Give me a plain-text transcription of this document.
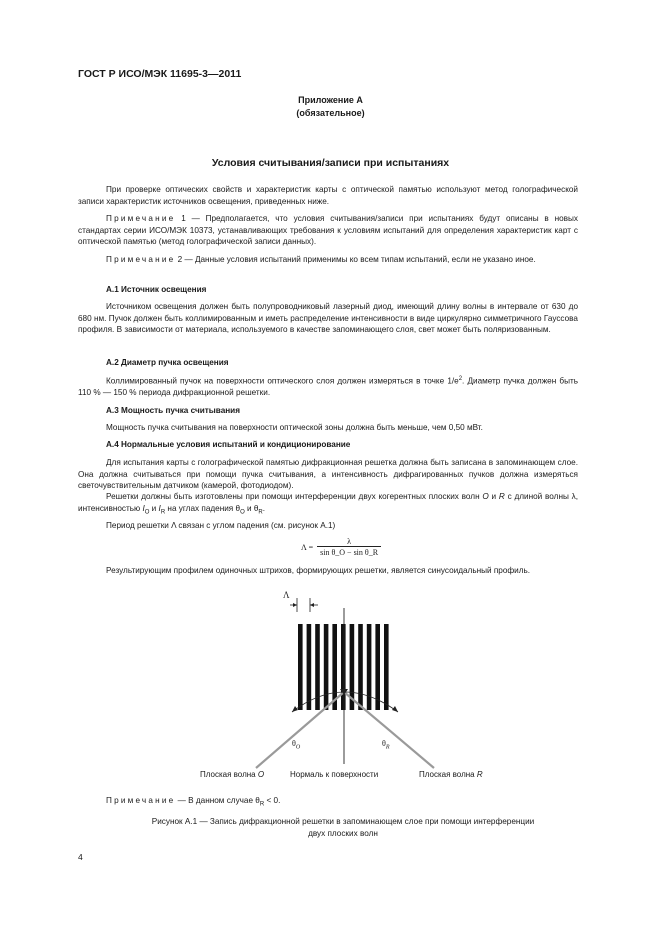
ГОСТ Р ИСО/МЭК 11695-3—2011
Приложение А
(обязательное)
Условия считывания/записи при испытаниях
При проверке оптических свойств и характеристик карты с оптической памятью используют метод голографической записи характеристик источников освещения, приведенных ниже.
Примечание 1 — Предполагается, что условия считывания/записи при испытаниях будут описаны в новых стандартах серии ИСО/МЭК 10373, устанавливающих требования к условиям испытаний для определения характеристик карт с оптической памятью (метод голографической записи данных).
Примечание 2 — Данные условия испытаний применимы ко всем типам испытаний, если не указано иное.
А.1 Источник освещения
Источником освещения должен быть полупроводниковый лазерный диод, имеющий длину волны в интервале от 630 до 680 нм. Пучок должен быть коллимированным и иметь распределение интенсивности в виде циркулярно симметричного Гауссова профиля. В зависимости от материала, используемого в качестве запоминающего слоя, свет может быть поляризованным.
А.2 Диаметр пучка освещения
Коллимированный пучок на поверхности оптического слоя должен измеряться в точке $1/e^2$. Диаметр пучка должен быть 110 % — 150 % периода дифракционной решетки.
А.3 Мощность пучка считывания
Мощность пучка считывания на поверхности оптической зоны должна быть меньше, чем 0,50 мВт.
А.4 Нормальные условия испытаний и кондиционирование
Для испытания карты с голографической памятью дифракционная решетка должна быть записана в запоминающем слое. Она должна считываться при помощи пучка считывания, а интенсивность дифрагированных пучков должна измеряться светочувствительным датчиком (камерой, фотодиодом).
Решетки должны быть изготовлены при помощи интерференции двух когерентных плоских волн O и R с длиной волны λ, интенсивностью $I_O$ и $I_R$ на углах падения $\theta_O$ и $\theta_R$.
Период решетки Λ связан с углом падения (см. рисунок А.1)
Λ =	λ
sin θ_O − sin θ_R
Результирующим профилем одиночных штрихов, формирующих решетки, является синусоидальный профиль.
Λ
$\theta_O$	$\theta_R$
Плоская волна O	Нормаль к поверхности	Плоская волна R
Примечание — В данном случае $\theta_R < 0$.
Рисунок А.1 — Запись дифракционной решетки в запоминающем слое при помощи интерференции
двух плоских волн
4
